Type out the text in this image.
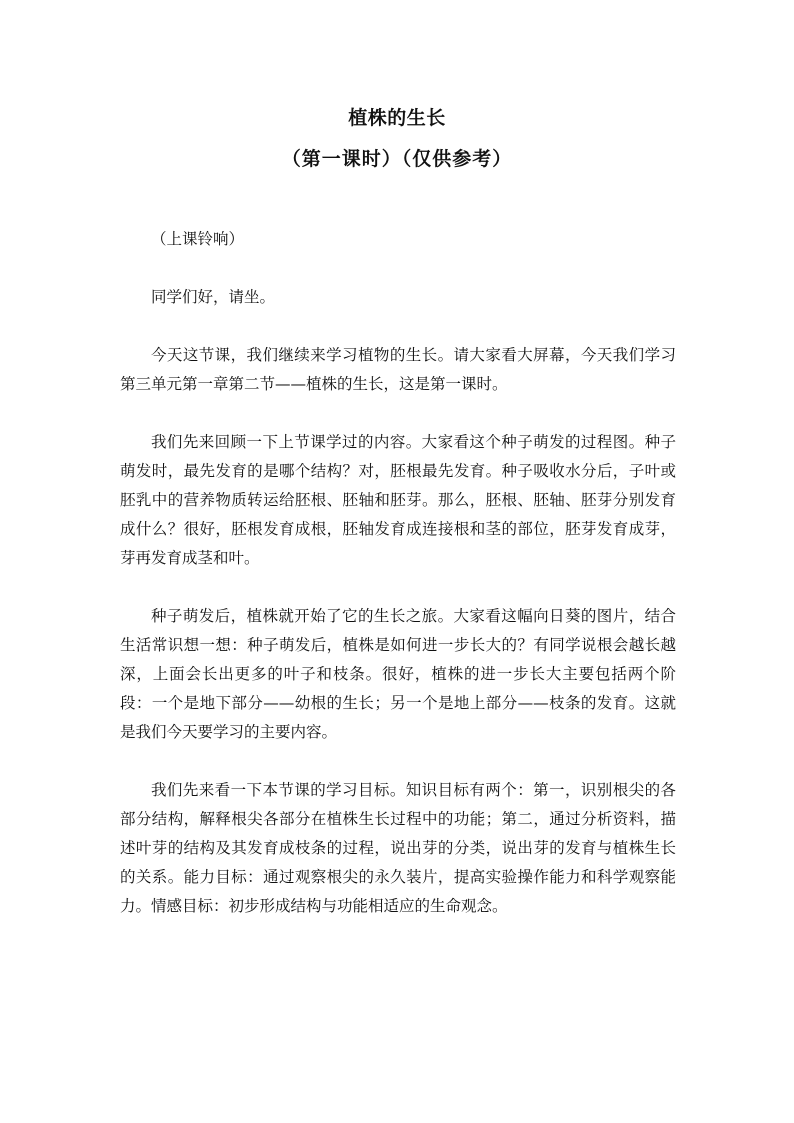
植株的生长
（第一课时）（仅供参考）

（上课铃响）

同学们好，请坐。

今天这节课，我们继续来学习植物的生长。请大家看大屏幕，今天我们学习第三单元第一章第二节——植株的生长，这是第一课时。

我们先来回顾一下上节课学过的内容。大家看这个种子萌发的过程图。种子萌发时，最先发育的是哪个结构？对，胚根最先发育。种子吸收水分后，子叶或胚乳中的营养物质转运给胚根、胚轴和胚芽。那么，胚根、胚轴、胚芽分别发育成什么？很好，胚根发育成根，胚轴发育成连接根和茎的部位，胚芽发育成芽，芽再发育成茎和叶。

种子萌发后，植株就开始了它的生长之旅。大家看这幅向日葵的图片，结合生活常识想一想：种子萌发后，植株是如何进一步长大的？有同学说根会越长越深，上面会长出更多的叶子和枝条。很好，植株的进一步长大主要包括两个阶段：一个是地下部分——幼根的生长；另一个是地上部分——枝条的发育。这就是我们今天要学习的主要内容。

我们先来看一下本节课的学习目标。知识目标有两个：第一，识别根尖的各部分结构，解释根尖各部分在植株生长过程中的功能；第二，通过分析资料，描述叶芽的结构及其发育成枝条的过程，说出芽的分类，说出芽的发育与植株生长的关系。能力目标：通过观察根尖的永久装片，提高实验操作能力和科学观察能力。情感目标：初步形成结构与功能相适应的生命观念。
